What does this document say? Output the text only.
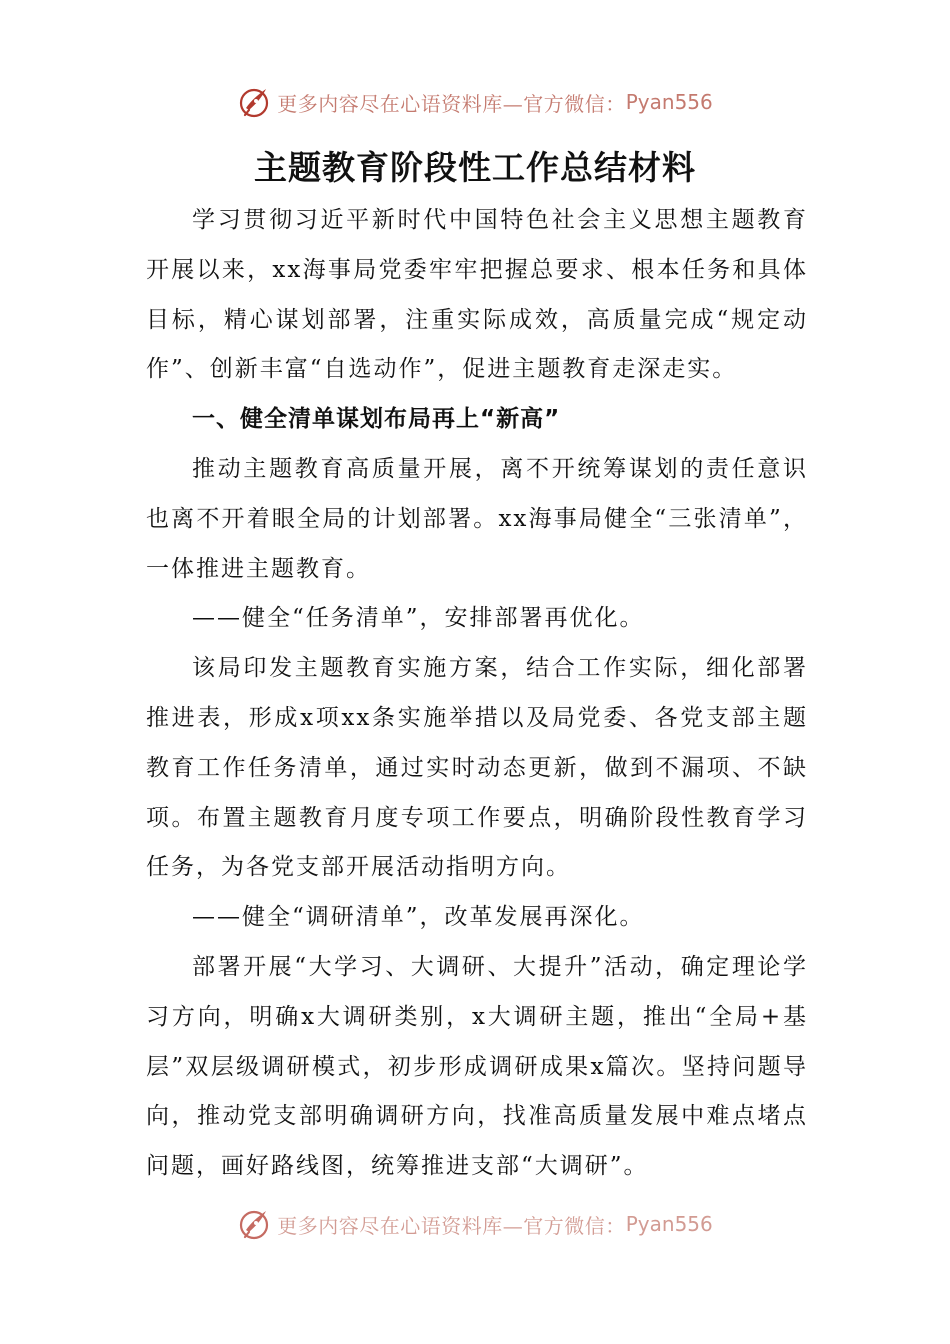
更多内容尽在心语资料库—官方微信： Pyan556
主题教育阶段性工作总结材料

学习贯彻习近平新时代中国特色社会主义思想主题教育开展以来，xx海事局党委牢牢把握总要求、根本任务和具体目标，精心谋划部署，注重实际成效，高质量完成“规定动作”、创新丰富“自选动作”，促进主题教育走深走实。

一、健全清单谋划布局再上“新高”

推动主题教育高质量开展，离不开统筹谋划的责任意识也离不开着眼全局的计划部署。xx海事局健全“三张清单”，一体推进主题教育。

——健全“任务清单”，安排部署再优化。

该局印发主题教育实施方案，结合工作实际，细化部署推进表，形成x项xx条实施举措以及局党委、各党支部主题教育工作任务清单，通过实时动态更新，做到不漏项、不缺项。布置主题教育月度专项工作要点，明确阶段性教育学习任务，为各党支部开展活动指明方向。

——健全“调研清单”，改革发展再深化。

部署开展“大学习、大调研、大提升”活动，确定理论学习方向，明确x大调研类别，x大调研主题，推出“全局+基层”双层级调研模式，初步形成调研成果x篇次。坚持问题导向，推动党支部明确调研方向，找准高质量发展中难点堵点问题，画好路线图，统筹推进支部“大调研”。

更多内容尽在心语资料库—官方微信： Pyan556
